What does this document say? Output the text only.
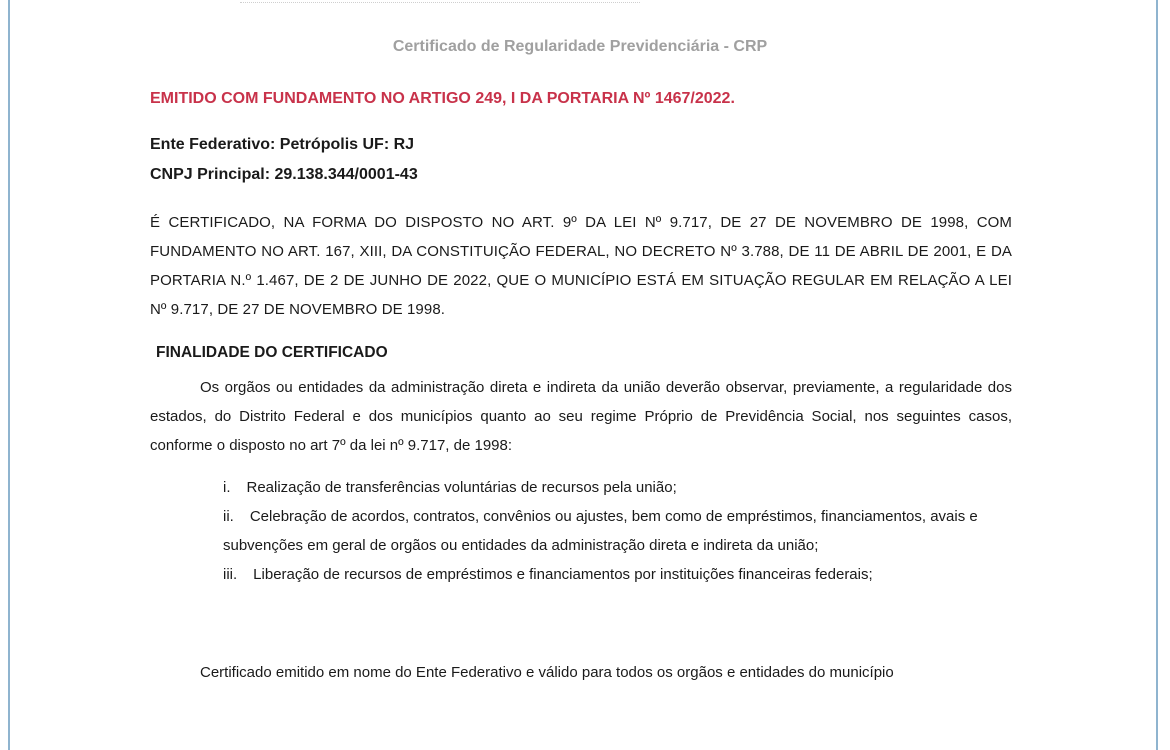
Certificado de Regularidade Previdenciária - CRP
EMITIDO COM FUNDAMENTO NO ARTIGO 249, I DA PORTARIA Nº 1467/2022.
Ente Federativo: Petrópolis UF: RJ
CNPJ Principal: 29.138.344/0001-43
É CERTIFICADO, NA FORMA DO DISPOSTO NO ART. 9º DA LEI Nº 9.717, DE 27 DE NOVEMBRO DE 1998, COM FUNDAMENTO NO ART. 167, XIII, DA CONSTITUIÇÃO FEDERAL, NO DECRETO Nº 3.788, DE 11 DE ABRIL DE 2001, E DA PORTARIA N.º 1.467, DE 2 DE JUNHO DE 2022, QUE O MUNICÍPIO ESTÁ EM SITUAÇÃO REGULAR EM RELAÇÃO A LEI Nº 9.717, DE 27 DE NOVEMBRO DE 1998.
FINALIDADE DO CERTIFICADO
Os orgãos ou entidades da administração direta e indireta da união deverão observar, previamente, a regularidade dos estados, do Distrito Federal e dos municípios quanto ao seu regime Próprio de Previdência Social, nos seguintes casos, conforme o disposto no art 7º da lei nº 9.717, de 1998:
i. Realização de transferências voluntárias de recursos pela união;
ii. Celebração de acordos, contratos, convênios ou ajustes, bem como de empréstimos, financiamentos, avais e subvenções em geral de orgãos ou entidades da administração direta e indireta da união;
iii. Liberação de recursos de empréstimos e financiamentos por instituições financeiras federais;
Certificado emitido em nome do Ente Federativo e válido para todos os orgãos e entidades do município
